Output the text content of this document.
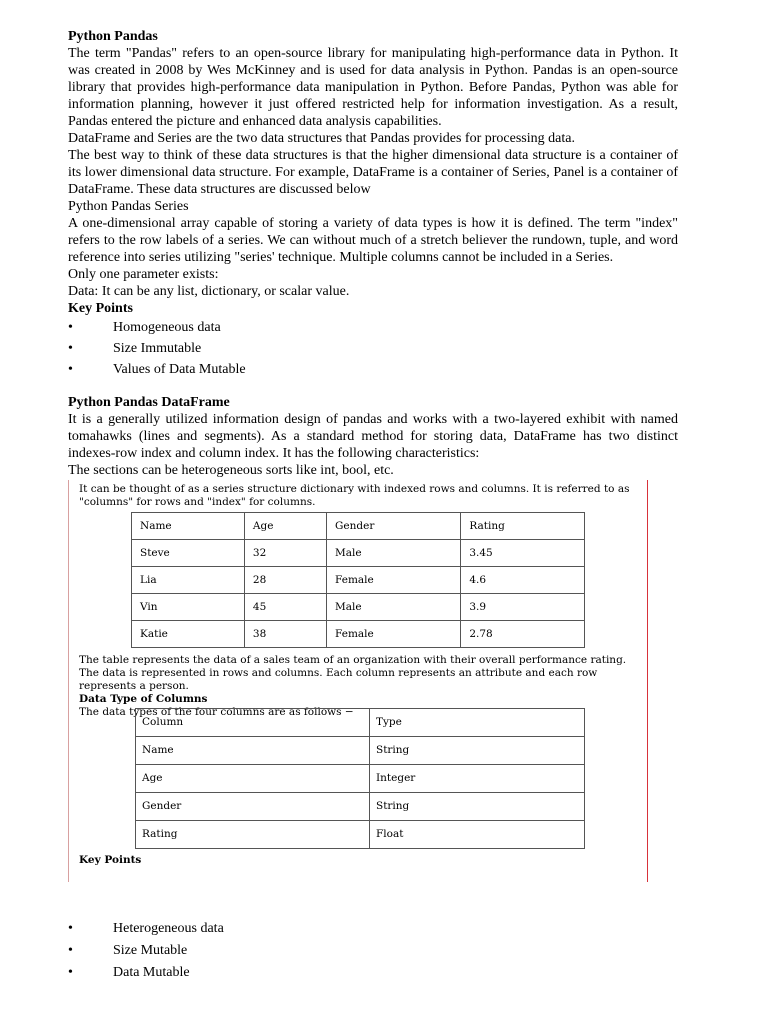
Python Pandas

The term "Pandas" refers to an open-source library for manipulating high-performance data in Python. It was created in 2008 by Wes McKinney and is used for data analysis in Python. Pandas is an open-source library that provides high-performance data manipulation in Python. Before Pandas, Python was able for information planning, however it just offered restricted help for information investigation. As a result, Pandas entered the picture and enhanced data analysis capabilities.

DataFrame and Series are the two data structures that Pandas provides for processing data.

The best way to think of these data structures is that the higher dimensional data structure is a container of its lower dimensional data structure. For example, DataFrame is a container of Series, Panel is a container of DataFrame. These data structures are discussed below

Python Pandas Series

A one-dimensional array capable of storing a variety of data types is how it is defined. The term "index" refers to the row labels of a series. We can without much of a stretch believer the rundown, tuple, and word reference into series utilizing "series' technique. Multiple columns cannot be included in a Series.

Only one parameter exists:

Data: It can be any list, dictionary, or scalar value.

Key Points

•	Homogeneous data
•	Size Immutable
•	Values of Data Mutable

Python Pandas DataFrame

It is a generally utilized information design of pandas and works with a two-layered exhibit with named tomahawks (lines and segments). As a standard method for storing data, DataFrame has two distinct indexes-row index and column index. It has the following characteristics:

The sections can be heterogeneous sorts like int, bool, etc.

It can be thought of as a series structure dictionary with indexed rows and columns. It is referred to as "columns" for rows and "index" for columns.
Name	Age	Gender	Rating
Steve	32	Male	3.45
Lia	28	Female	4.6
Vin	45	Male	3.9
Katie	38	Female	2.78
The table represents the data of a sales team of an organization with their overall performance rating. The data is represented in rows and columns. Each column represents an attribute and each row represents a person.
Data Type of Columns
The data types of the four columns are as follows −
Column	Type
Name	String
Age	Integer
Gender	String
Rating	Float
Key Points
•	Heterogeneous data
•	Size Mutable
•	Data Mutable
